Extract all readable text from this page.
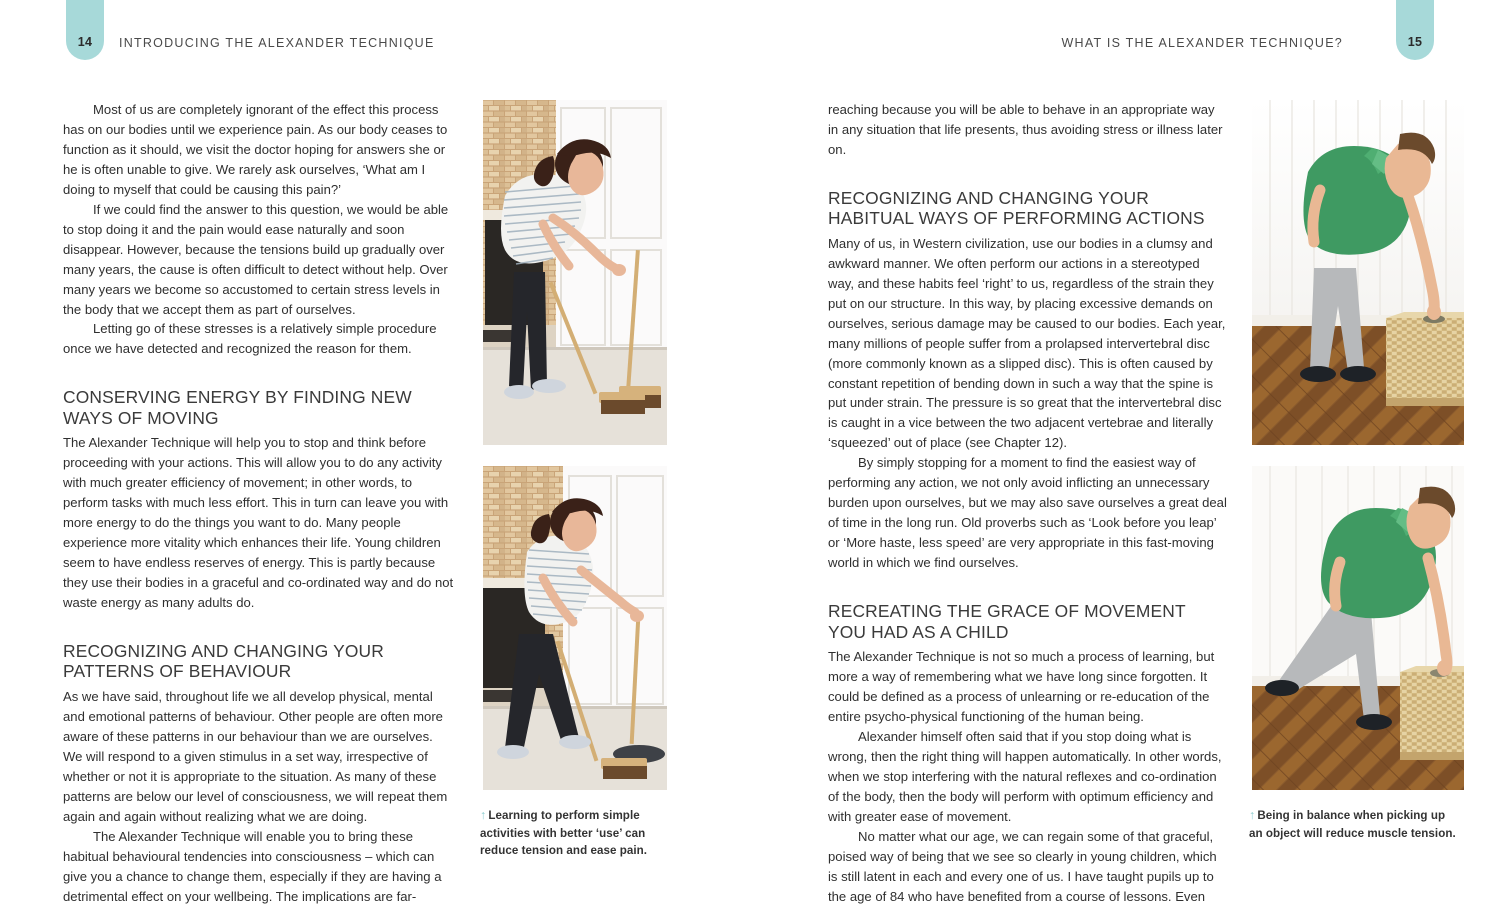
14 INTRODUCING THE ALEXANDER TECHNIQUE	15
WHAT IS THE ALEXANDER TECHNIQUE?

Most of us are completely ignorant of the effect this process has on our bodies until we experience pain. As our body ceases to function as it should, we visit the doctor hoping for answers she or he is often unable to give. We rarely ask ourselves, ‘What am I doing to myself that could be causing this pain?’

If we could find the answer to this question, we would be able to stop doing it and the pain would ease naturally and soon disappear. However, because the tensions build up gradually over many years, the cause is often difficult to detect without help. Over many years we become so accustomed to certain stress levels in the body that we accept them as part of ourselves.

Letting go of these stresses is a relatively simple procedure once we have detected and recognized the reason for them.

CONSERVING ENERGY BY FINDING NEW WAYS OF MOVING

The Alexander Technique will help you to stop and think before proceeding with your actions. This will allow you to do any activity with much greater efficiency of movement; in other words, to perform tasks with much less effort. This in turn can leave you with more energy to do the things you want to do. Many people experience more vitality which enhances their life. Young children seem to have endless reserves of energy. This is partly because they use their bodies in a graceful and co-ordinated way and do not waste energy as many adults do.

RECOGNIZING AND CHANGING YOUR PATTERNS OF BEHAVIOUR

As we have said, throughout life we all develop physical, mental and emotional patterns of behaviour. Other people are often more aware of these patterns in our behaviour than we are ourselves. We will respond to a given stimulus in a set way, irrespective of whether or not it is appropriate to the situation. As many of these patterns are below our level of consciousness, we will repeat them again and again without realizing what we are doing.

The Alexander Technique will enable you to bring these habitual behavioural tendencies into consciousness – which can give you a chance to change them, especially if they are having a detrimental effect on your wellbeing. The implications are far-

↑ Learning to perform simple activities with better ‘use’ can reduce tension and ease pain.

reaching because you will be able to behave in an appropriate way in any situation that life presents, thus avoiding stress or illness later on.

RECOGNIZING AND CHANGING YOUR HABITUAL WAYS OF PERFORMING ACTIONS

Many of us, in Western civilization, use our bodies in a clumsy and awkward manner. We often perform our actions in a stereotyped way, and these habits feel ‘right’ to us, regardless of the strain they put on our structure. In this way, by placing excessive demands on ourselves, serious damage may be caused to our bodies. Each year, many millions of people suffer from a prolapsed intervertebral disc (more commonly known as a slipped disc). This is often caused by constant repetition of bending down in such a way that the spine is put under strain. The pressure is so great that the intervertebral disc is caught in a vice between the two adjacent vertebrae and literally ‘squeezed’ out of place (see Chapter 12).

By simply stopping for a moment to find the easiest way of performing any action, we not only avoid inflicting an unnecessary burden upon ourselves, but we may also save ourselves a great deal of time in the long run. Old proverbs such as ‘Look before you leap’ or ‘More haste, less speed’ are very appropriate in this fast-moving world in which we find ourselves.

RECREATING THE GRACE OF MOVEMENT YOU HAD AS A CHILD

The Alexander Technique is not so much a process of learning, but more a way of remembering what we have long since forgotten. It could be defined as a process of unlearning or re-education of the entire psycho-physical functioning of the human being.

Alexander himself often said that if you stop doing what is wrong, then the right thing will happen automatically. In other words, when we stop interfering with the natural reflexes and co-ordination of the body, then the body will perform with optimum efficiency and with greater ease of movement.

No matter what our age, we can regain some of that graceful, poised way of being that we see so clearly in young children, which is still latent in each and every one of us. I have taught pupils up to the age of 84 who have benefited from a course of lessons. Even

↑ Being in balance when picking up an object will reduce muscle tension.
